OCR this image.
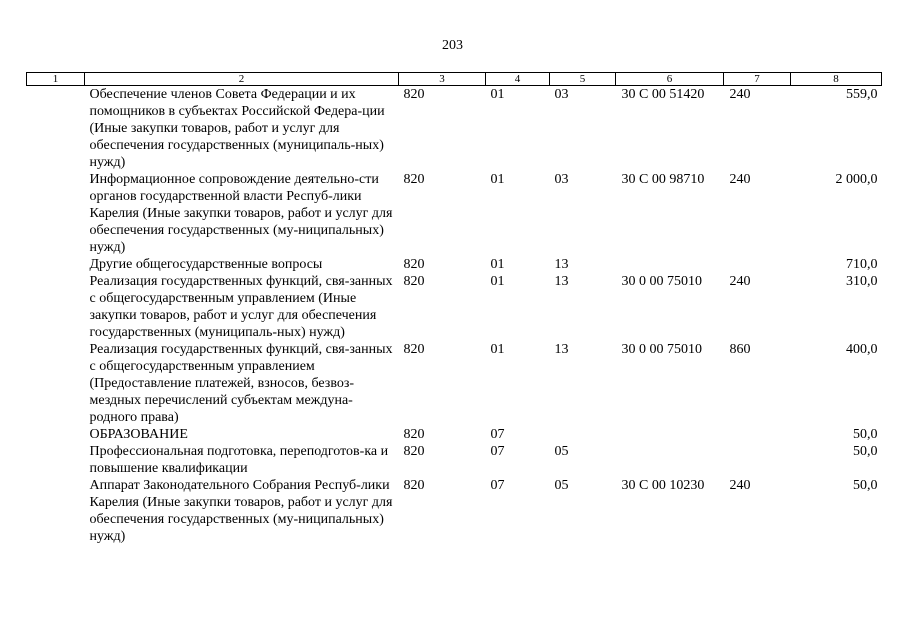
203
1	2	3	4	5	6	7	8
	Обеспечение членов Совета Федерации и их помощников в субъектах Российской Федера-ции (Иные закупки товаров, работ и услуг для обеспечения государственных (муниципаль-ных) нужд)	820	01	03	30 С 00 51420	240	559,0
	Информационное сопровождение деятельно-сти органов государственной власти Респуб-лики Карелия (Иные закупки товаров, работ и услуг для обеспечения государственных (му-ниципальных) нужд)	820	01	03	30 С 00 98710	240	2 000,0
	Другие общегосударственные вопросы	820	01	13			710,0
	Реализация государственных функций, свя-занных с общегосударственным управлением (Иные закупки товаров, работ и услуг для обеспечения государственных (муниципаль-ных) нужд)	820	01	13	30 0 00 75010	240	310,0
	Реализация государственных функций, свя-занных с общегосударственным управлением (Предоставление платежей, взносов, безвоз-мездных перечислений субъектам междуна-родного права)	820	01	13	30 0 00 75010	860	400,0
	ОБРАЗОВАНИЕ	820	07				50,0
	Профессиональная подготовка, переподготов-ка и повышение квалификации	820	07	05			50,0
	Аппарат Законодательного Собрания Респуб-лики Карелия (Иные закупки товаров, работ и услуг для обеспечения государственных (му-ниципальных) нужд)	820	07	05	30 С 00 10230	240	50,0
